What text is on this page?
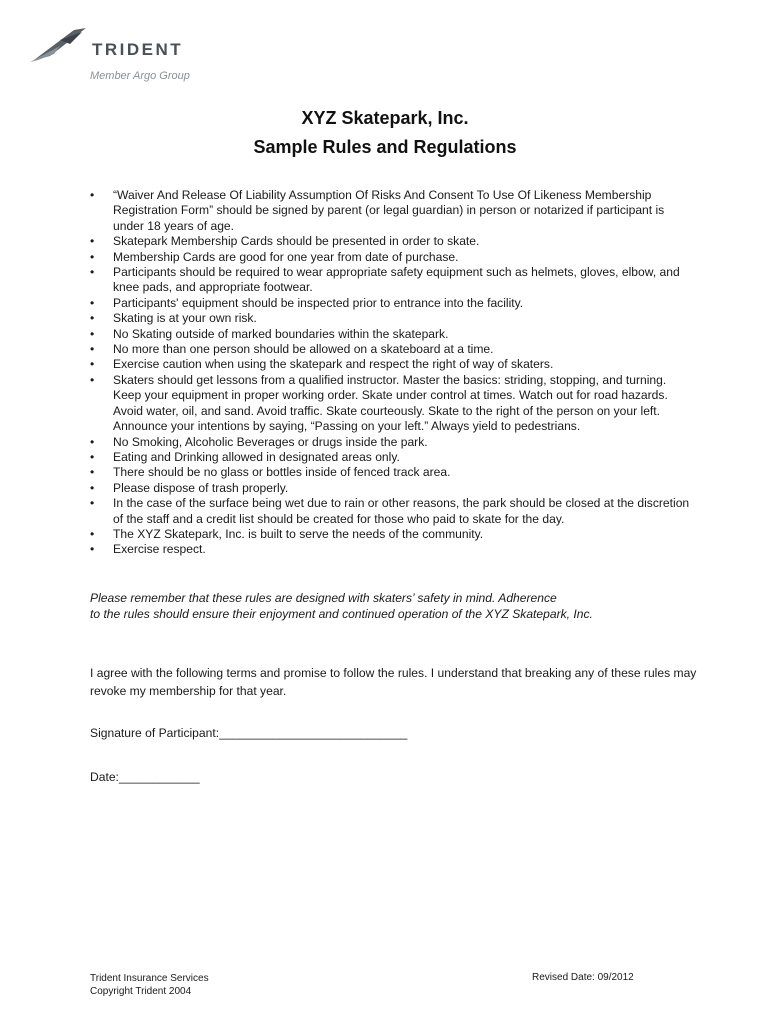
TRIDENT
Member Argo Group
XYZ Skatepark, Inc.
Sample Rules and Regulations
• “Waiver And Release Of Liability Assumption Of Risks And Consent To Use Of Likeness Membership Registration Form” should be signed by parent (or legal guardian) in person or notarized if participant is under 18 years of age.
• Skatepark Membership Cards should be presented in order to skate.
• Membership Cards are good for one year from date of purchase.
• Participants should be required to wear appropriate safety equipment such as helmets, gloves, elbow, and knee pads, and appropriate footwear.
• Participants' equipment should be inspected prior to entrance into the facility.
• Skating is at your own risk.
• No Skating outside of marked boundaries within the skatepark.
• No more than one person should be allowed on a skateboard at a time.
• Exercise caution when using the skatepark and respect the right of way of skaters.
• Skaters should get lessons from a qualified instructor. Master the basics: striding, stopping, and turning. Keep your equipment in proper working order. Skate under control at times. Watch out for road hazards. Avoid water, oil, and sand. Avoid traffic. Skate courteously. Skate to the right of the person on your left. Announce your intentions by saying, “Passing on your left.” Always yield to pedestrians.
• No Smoking, Alcoholic Beverages or drugs inside the park.
• Eating and Drinking allowed in designated areas only.
• There should be no glass or bottles inside of fenced track area.
• Please dispose of trash properly.
• In the case of the surface being wet due to rain or other reasons, the park should be closed at the discretion of the staff and a credit list should be created for those who paid to skate for the day.
• The XYZ Skatepark, Inc. is built to serve the needs of the community.
• Exercise respect.
Please remember that these rules are designed with skaters’ safety in mind. Adherence
to the rules should ensure their enjoyment and continued operation of the XYZ Skatepark, Inc.
I agree with the following terms and promise to follow the rules. I understand that breaking any of these rules may revoke my membership for that year.
Signature of Participant:____________________________
Date:____________
Trident Insurance Services
Copyright Trident 2004
Revised Date: 09/2012
